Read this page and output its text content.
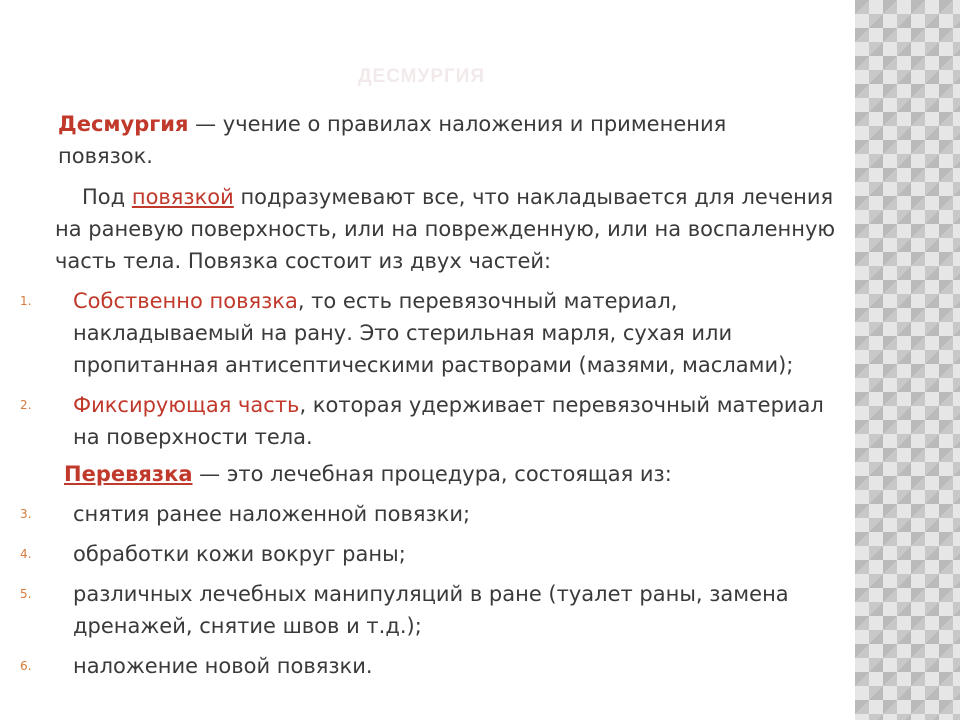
ДЕСМУРГИЯ

Десмургия — учение о правилах наложения и применения повязок.

Под повязкой подразумевают все, что накладывается для лечения на раневую поверхность, или на поврежденную, или на воспаленную часть тела. Повязка состоит из двух частей:

1. Собственно повязка, то есть перевязочный материал, накладываемый на рану. Это стерильная марля, сухая или пропитанная антисептическими растворами (мазями, маслами);
2. Фиксирующая часть, которая удерживает перевязочный материал на поверхности тела.

Перевязка — это лечебная процедура, состоящая из:

3. снятия ранее наложенной повязки;
4. обработки кожи вокруг раны;
5. различных лечебных манипуляций в ране (туалет раны, замена дренажей, снятие швов и т.д.);
6. наложение новой повязки.
